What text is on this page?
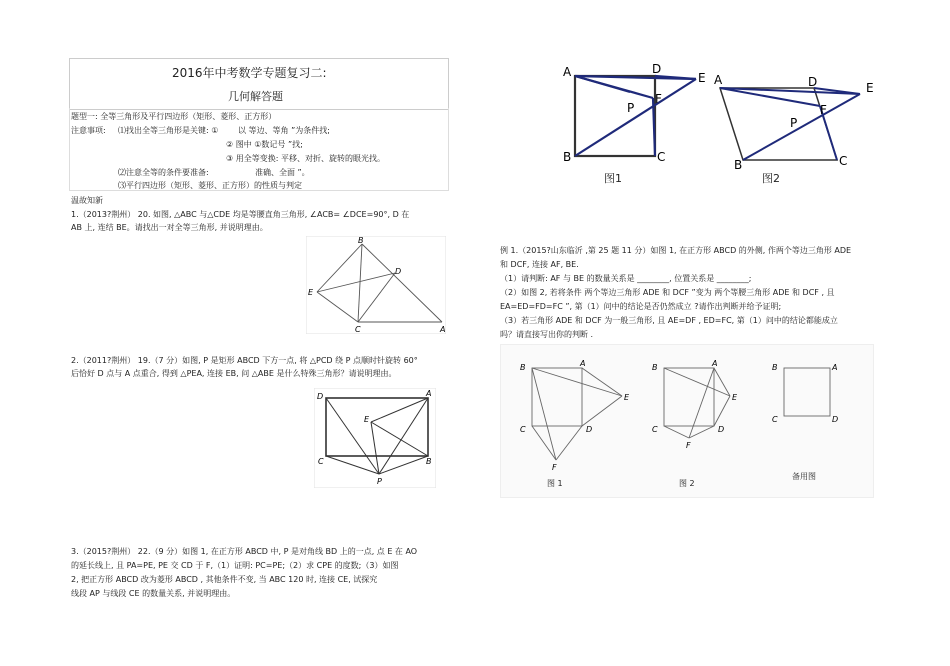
2016年中考数学专题复习二:
几何解答题
题型一: 全等三角形及平行四边形（矩形、菱形、正方形）
注意事项: ⑴找出全等三角形是关键: ① 以 等边、等角 ”为条件找;
② 图中 ①数记号 ”找;
③ 用全等变换: 平移、对折、旋转的眼光找。
⑵注意全等的条件要准备:	准确、全面 ”。
⑶平行四边形（矩形、菱形、正方形）的性质与判定
温故知新
1.（2013?荆州） 20. 如图, △ABC 与△CDE 均是等腰直角三角形, ∠ACB= ∠DCE=90°, D 在
AB 上, 连结 BE。请找出一对全等三角形, 并说明理由。
B
D
E
C	A
2.（2011?荆州） 19.（7 分）如图, P 是矩形 ABCD 下方一点, 将 △PCD 绕 P 点顺时针旋转 60°
后恰好 D 点与 A 点重合, 得到 △PEA, 连接 EB, 问 △ABE 是什么特殊三角形？请说明理由。
D	A
E
C	B
P
3.（2015?荆州） 22.（9 分）如图 1, 在正方形 ABCD 中, P 是对角线 BD 上的一点, 点 E 在 AO
的延长线上, 且 PA=PE, PE 交 CD 于 F,（1）证明: PC=PE;（2）求 CPE 的度数;（3）如图
2, 把正方形 ABCD 改为菱形 ABCD , 其他条件不变, 当 ABC 120 时, 连接 CE, 试探究
线段 AP 与线段 CE 的数量关系, 并说明理由。
A	D
E
P
F
B	C
图1
A	D	E
P
F
B	C
图2
例 1.（2015?山东临沂 ,第 25 题 11 分）如图 1, 在正方形 ABCD 的外侧, 作两个等边三角形 ADE
和 DCF, 连接 AF, BE.
（1）请判断: AF 与 BE 的数量关系是 ________, 位置关系是 ________;
（2）如图 2, 若将条件 两个等边三角形 ADE 和 DCF ”变为 两个等腰三角形 ADE 和 DCF , 且
EA=ED=FD=FC ”, 第（1）问中的结论是否仍然成立 ?请作出判断并给予证明;
（3）若三角形 ADE 和 DCF 为一般三角形, 且 AE=DF , ED=FC, 第（1）问中的结论都能成立
吗？请直接写出你的判断 .
B	A
E
C	D
F
图 1
B	A
E
C	D
F
图 2
B	A
C	D
备用图
